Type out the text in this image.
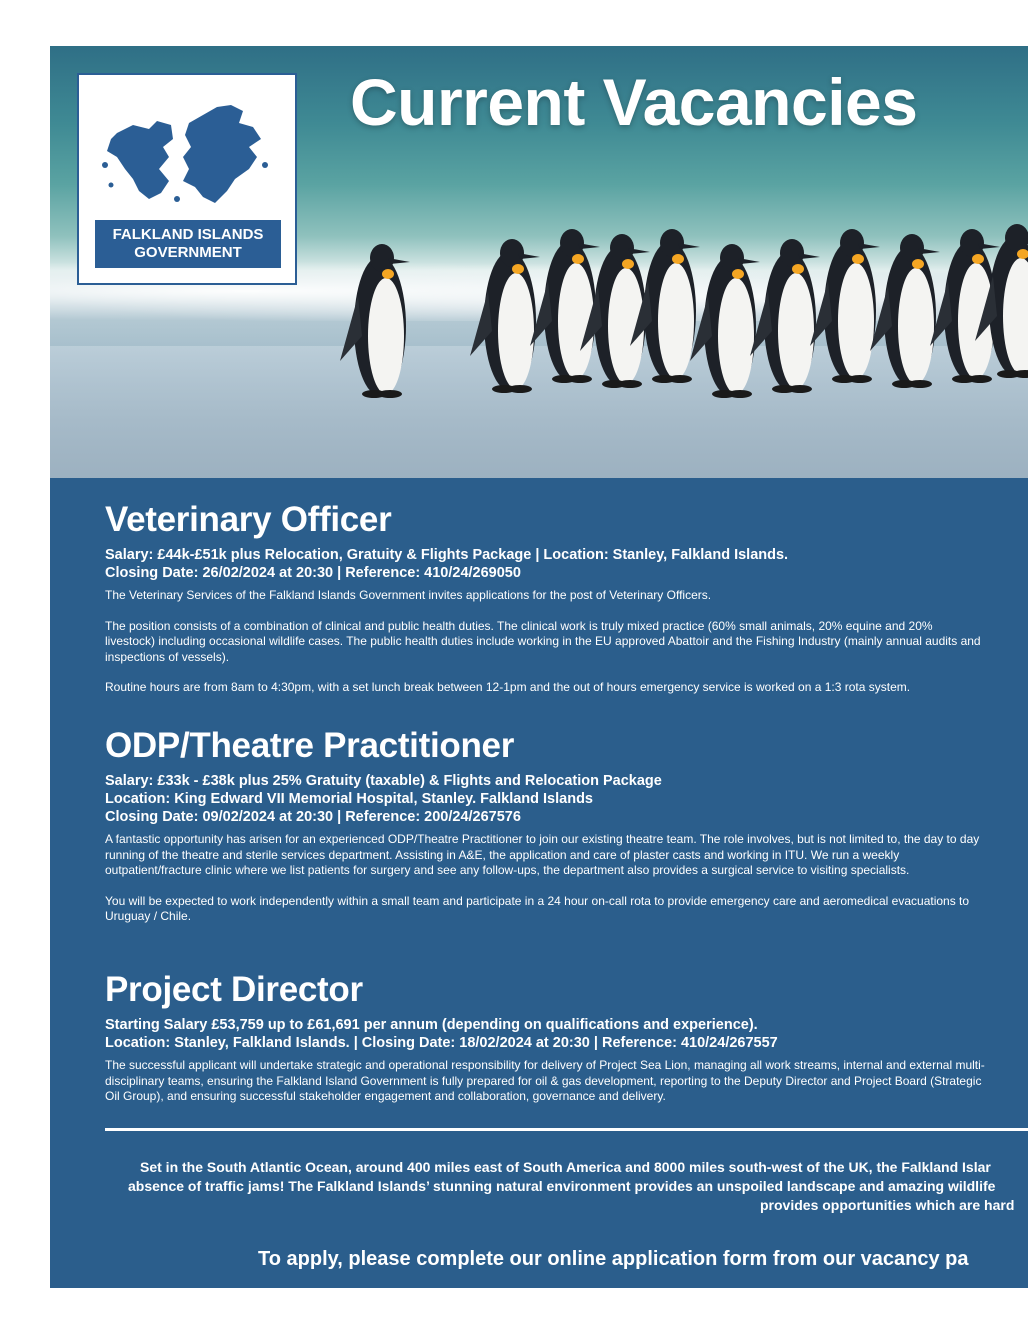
FALKLAND ISLANDS
GOVERNMENT
Current Vacancies
Veterinary Officer
Salary: £44k-£51k plus Relocation, Gratuity & Flights Package | Location: Stanley, Falkland Islands.
Closing Date: 26/02/2024 at 20:30 | Reference: 410/24/269050

The Veterinary Services of the Falkland Islands Government invites applications for the post of Veterinary Officers.

The position consists of a combination of clinical and public health duties. The clinical work is truly mixed practice (60% small animals, 20% equine and 20% livestock) including occasional wildlife cases. The public health duties include working in the EU approved Abattoir and the Fishing Industry (mainly annual audits and inspections of vessels).

Routine hours are from 8am to 4:30pm, with a set lunch break between 12-1pm and the out of hours emergency service is worked on a 1:3 rota system.

ODP/Theatre Practitioner
Salary: £33k - £38k plus 25% Gratuity (taxable) & Flights and Relocation Package
Location: King Edward VII Memorial Hospital, Stanley. Falkland Islands
Closing Date: 09/02/2024 at 20:30 | Reference: 200/24/267576

A fantastic opportunity has arisen for an experienced ODP/Theatre Practitioner to join our existing theatre team. The role involves, but is not limited to, the day to day running of the theatre and sterile services department. Assisting in A&E, the application and care of plaster casts and working in ITU. We run a weekly outpatient/fracture clinic where we list patients for surgery and see any follow-ups, the department also provides a surgical service to visiting specialists.

You will be expected to work independently within a small team and participate in a 24 hour on-call rota to provide emergency care and aeromedical evacuations to Uruguay / Chile.

Project Director
Starting Salary £53,759 up to £61,691 per annum (depending on qualifications and experience).
Location: Stanley, Falkland Islands. | Closing Date: 18/02/2024 at 20:30 | Reference: 410/24/267557

The successful applicant will undertake strategic and operational responsibility for delivery of Project Sea Lion, managing all work streams, internal and external multi-disciplinary teams, ensuring the Falkland Island Government is fully prepared for oil & gas development, reporting to the Deputy Director and Project Board (Strategic Oil Group), and ensuring successful stakeholder engagement and collaboration, governance and delivery.

Set in the South Atlantic Ocean, around 400 miles east of South America and 8000 miles south-west of the UK, the Falkland Islar
absence of traffic jams! The Falkland Islands’ stunning natural environment provides an unspoiled landscape and amazing wildlife
provides opportunities which are hard
To apply, please complete our online application form from our vacancy pa
